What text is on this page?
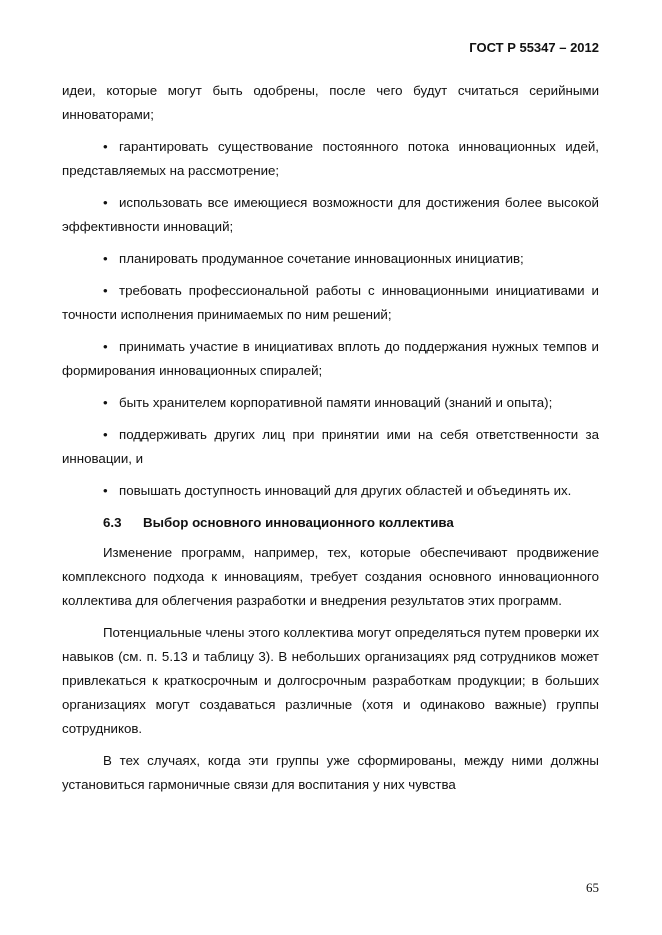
ГОСТ Р 55347 – 2012

идеи, которые могут быть одобрены, после чего будут считаться серийными инноваторами;

• гарантировать существование постоянного потока инновационных идей, представляемых на рассмотрение;

• использовать все имеющиеся возможности для достижения более высокой эффективности инноваций;

• планировать продуманное сочетание инновационных инициатив;

• требовать профессиональной работы с инновационными инициативами и точности исполнения принимаемых по ним решений;

• принимать участие в инициативах вплоть до поддержания нужных темпов и формирования инновационных спиралей;

• быть хранителем корпоративной памяти инноваций (знаний и опыта);

• поддерживать других лиц при принятии ими на себя ответственности за инновации, и

• повышать доступность инноваций для других областей и объединять их.

6.3 Выбор основного инновационного коллектива

Изменение программ, например, тех, которые обеспечивают продвижение комплексного подхода к инновациям, требует создания основного инновационного коллектива для облегчения разработки и внедрения результатов этих программ.

Потенциальные члены этого коллектива могут определяться путем проверки их навыков (см. п. 5.13 и таблицу 3). В небольших организациях ряд сотрудников может привлекаться к краткосрочным и долгосрочным разработкам продукции; в больших организациях могут создаваться различные (хотя и одинаково важные) группы сотрудников.

В тех случаях, когда эти группы уже сформированы, между ними должны установиться гармоничные связи для воспитания у них чувства

65
